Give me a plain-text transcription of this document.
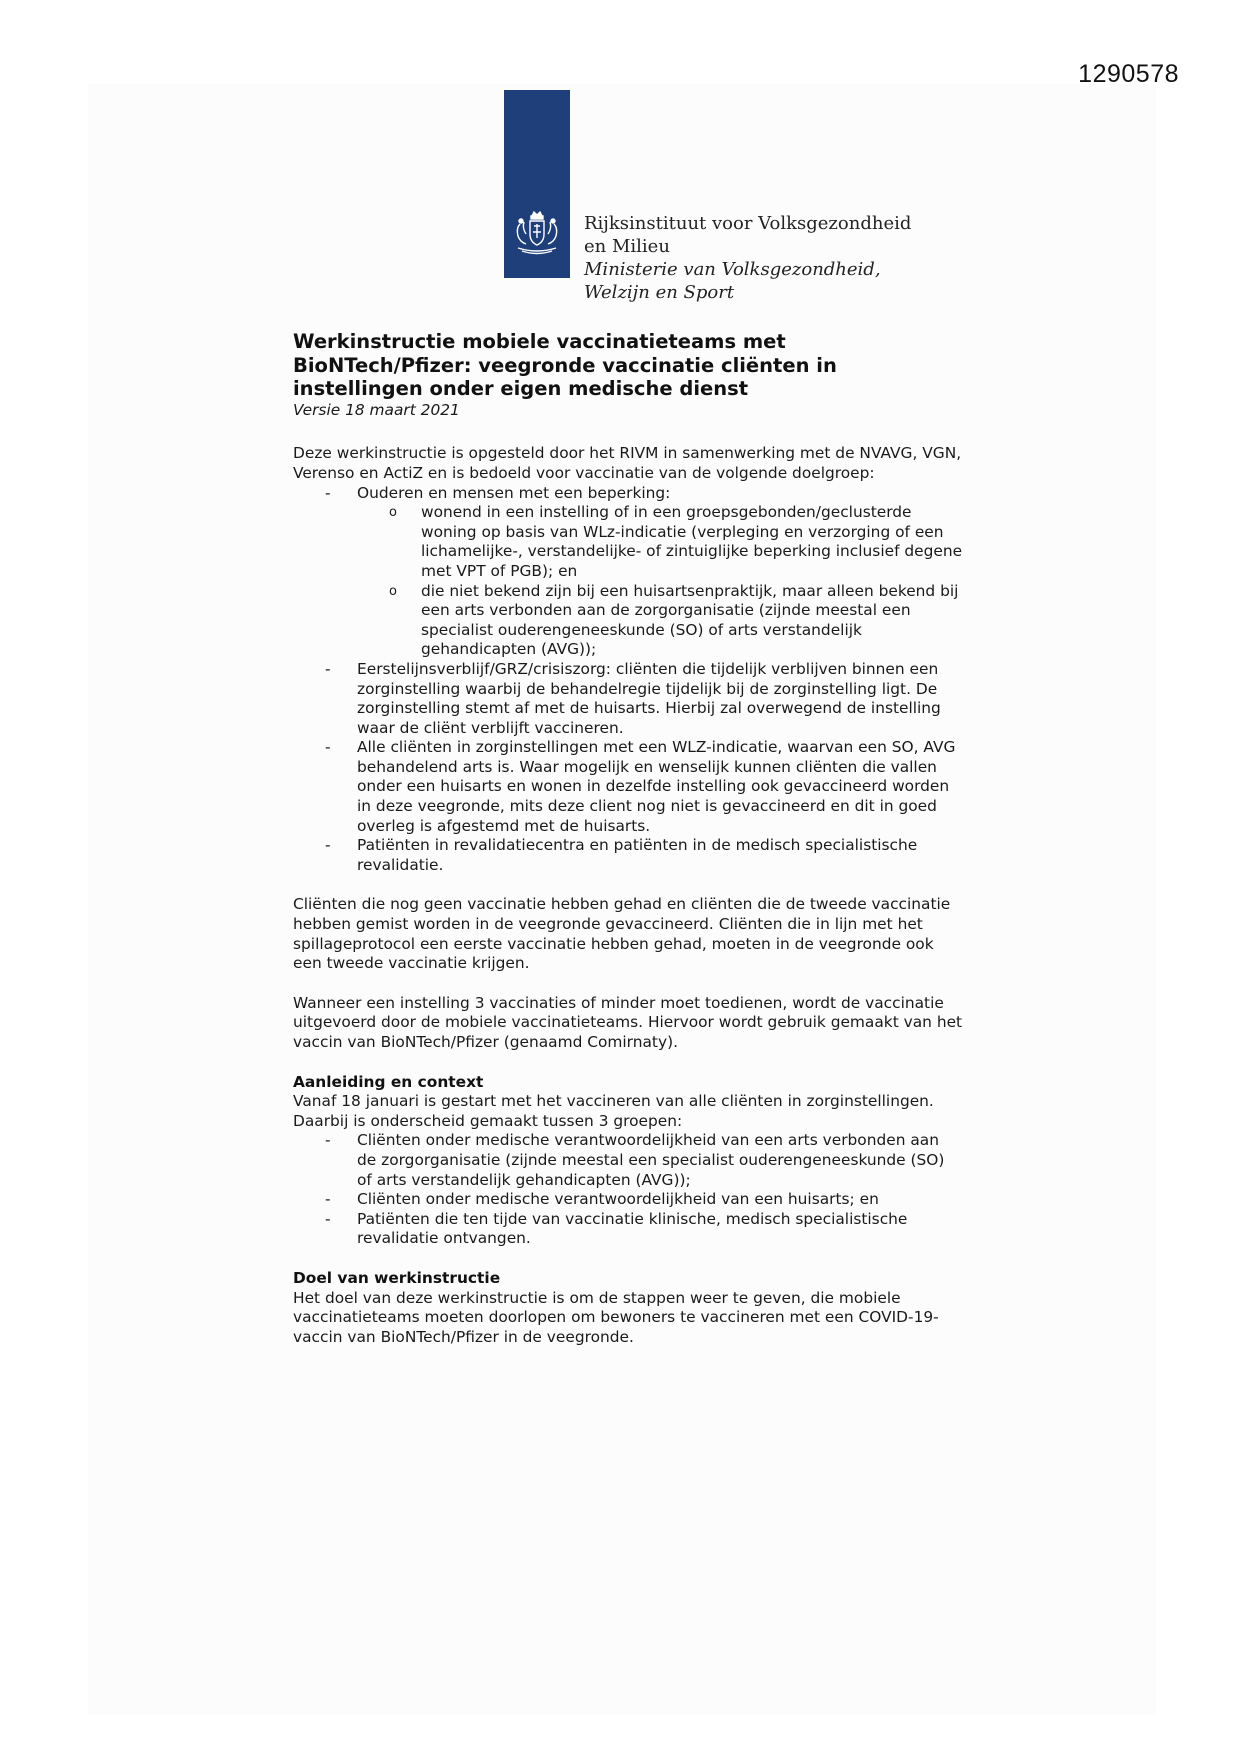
1290578
Rijksinstituut voor Volksgezondheid
en Milieu
Ministerie van Volksgezondheid,
Welzijn en Sport
Werkinstructie mobiele vaccinatieteams met
BioNTech/Pfizer: veegronde vaccinatie cliënten in
instellingen onder eigen medische dienst
Versie 18 maart 2021

Deze werkinstructie is opgesteld door het RIVM in samenwerking met de NVAVG, VGN, Verenso en ActiZ en is bedoeld voor vaccinatie van de volgende doelgroep:

- Ouderen en mensen met een beperking:
o wonend in een instelling of in een groepsgebonden/geclusterde woning op basis van WLz-indicatie (verpleging en verzorging of een lichamelijke-, verstandelijke- of zintuiglijke beperking inclusief degene met VPT of PGB); en
o die niet bekend zijn bij een huisartsenpraktijk, maar alleen bekend bij een arts verbonden aan de zorgorganisatie (zijnde meestal een specialist ouderengeneeskunde (SO) of arts verstandelijk gehandicapten (AVG));
- Eerstelijnsverblijf/GRZ/crisiszorg: cliënten die tijdelijk verblijven binnen een zorginstelling waarbij de behandelregie tijdelijk bij de zorginstelling ligt. De zorginstelling stemt af met de huisarts. Hierbij zal overwegend de instelling waar de cliënt verblijft vaccineren.
- Alle cliënten in zorginstellingen met een WLZ-indicatie, waarvan een SO, AVG behandelend arts is. Waar mogelijk en wenselijk kunnen cliënten die vallen onder een huisarts en wonen in dezelfde instelling ook gevaccineerd worden in deze veegronde, mits deze client nog niet is gevaccineerd en dit in goed overleg is afgestemd met de huisarts.
- Patiënten in revalidatiecentra en patiënten in de medisch specialistische revalidatie.

Cliënten die nog geen vaccinatie hebben gehad en cliënten die de tweede vaccinatie hebben gemist worden in de veegronde gevaccineerd. Cliënten die in lijn met het spillageprotocol een eerste vaccinatie hebben gehad, moeten in de veegronde ook een tweede vaccinatie krijgen.

Wanneer een instelling 3 vaccinaties of minder moet toedienen, wordt de vaccinatie uitgevoerd door de mobiele vaccinatieteams. Hiervoor wordt gebruik gemaakt van het vaccin van BioNTech/Pfizer (genaamd Comirnaty).

Aanleiding en context

Vanaf 18 januari is gestart met het vaccineren van alle cliënten in zorginstellingen. Daarbij is onderscheid gemaakt tussen 3 groepen:

- Cliënten onder medische verantwoordelijkheid van een arts verbonden aan de zorgorganisatie (zijnde meestal een specialist ouderengeneeskunde (SO) of arts verstandelijk gehandicapten (AVG));
- Cliënten onder medische verantwoordelijkheid van een huisarts; en
- Patiënten die ten tijde van vaccinatie klinische, medisch specialistische revalidatie ontvangen.
Doel van werkinstructie

Het doel van deze werkinstructie is om de stappen weer te geven, die mobiele vaccinatieteams moeten doorlopen om bewoners te vaccineren met een COVID-19-vaccin van BioNTech/Pfizer in de veegronde.
